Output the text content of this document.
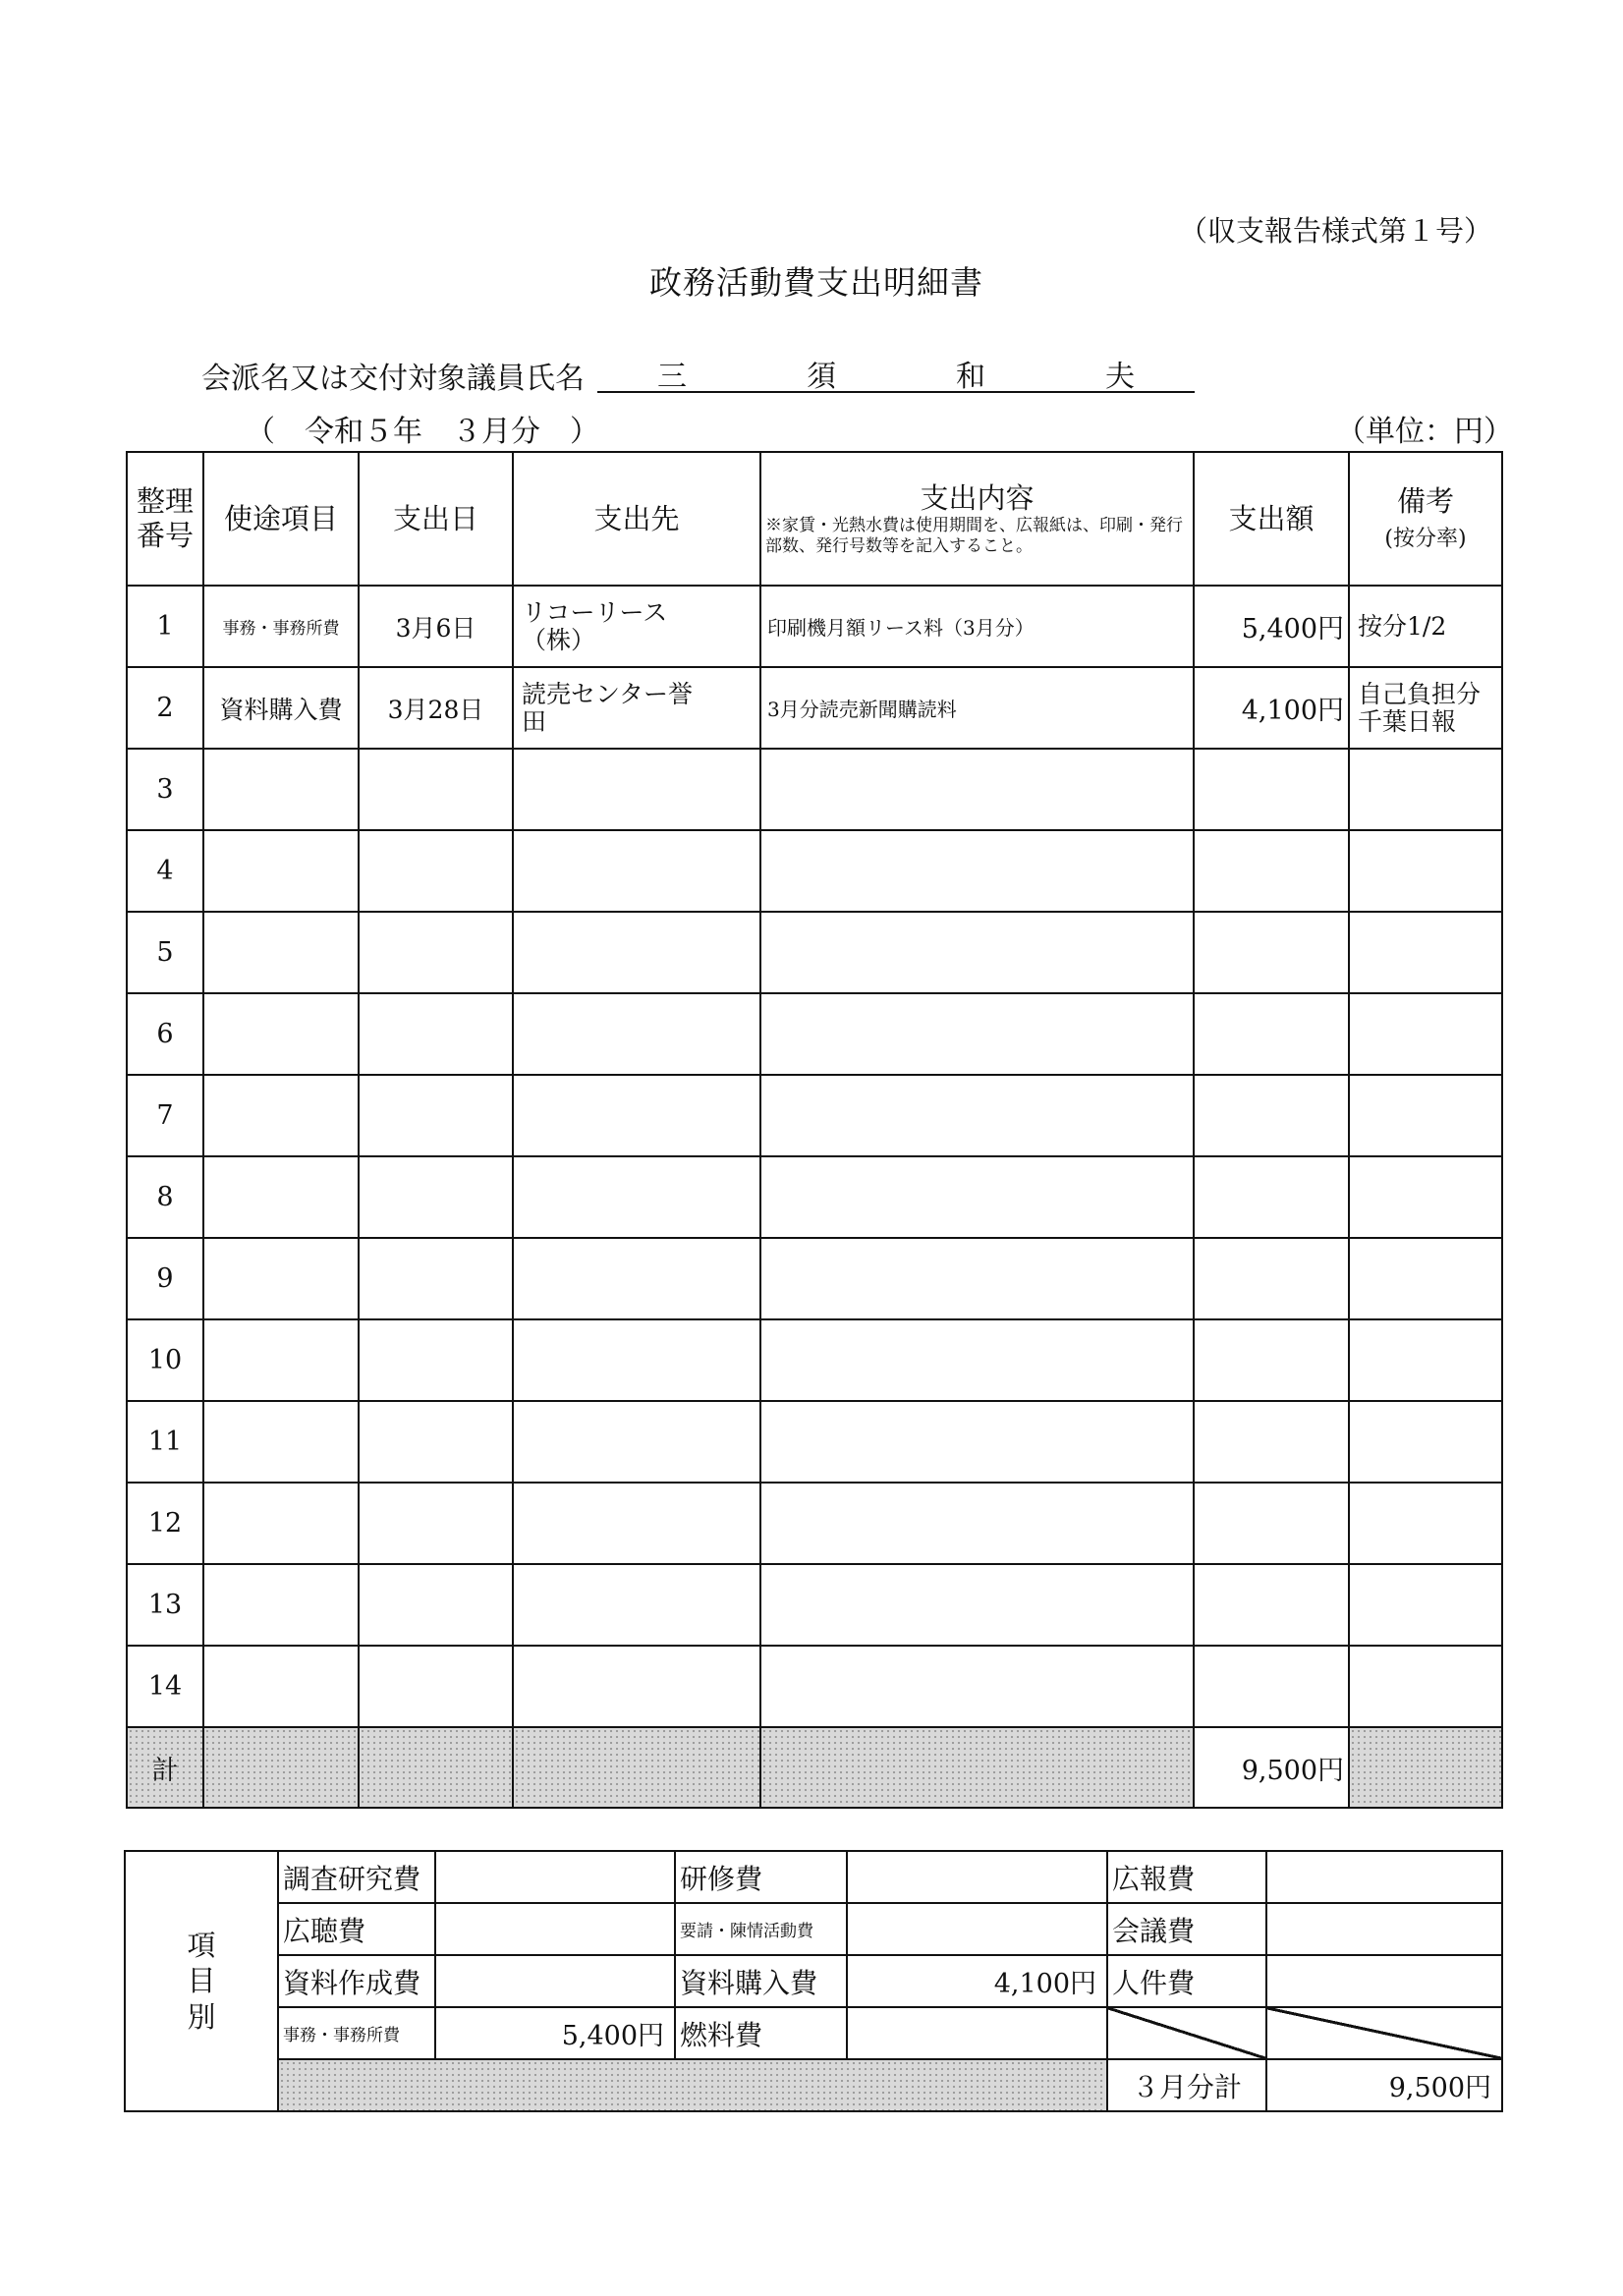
（収支報告様式第１号）
政務活動費支出明細書
会派名又は交付対象議員氏名 三	須	和	夫
（　令和５年　３月分　）	（単位：円）
整理
番号	使途項目	支出日	支出先	支出内容
※家賃・光熱水費は使用期間を、広報紙は、印刷・発行部数、発行号数等を記入すること。	支出額	備考
(按分率)
1	事務・事務所費	3月6日	リコーリース
（株）	印刷機月額リース料（3月分）	5,400円	按分1/2

2	資料購入費	3月28日	読売センター誉
田	3月分読売新聞購読料	4,100円	自己負担分
千葉日報
3						
4						
5						
6						
7						
8						
9						
10						
11						
12						
13						
14						
計					9,500円	
項
目
別	調査研究費		研修費		広報費	
	広聴費		要請・陳情活動費		会議費	
	資料作成費		資料購入費	4,100円	人件費	
	事務・事務所費	5,400円	燃料費			
					３月分計	9,500円
